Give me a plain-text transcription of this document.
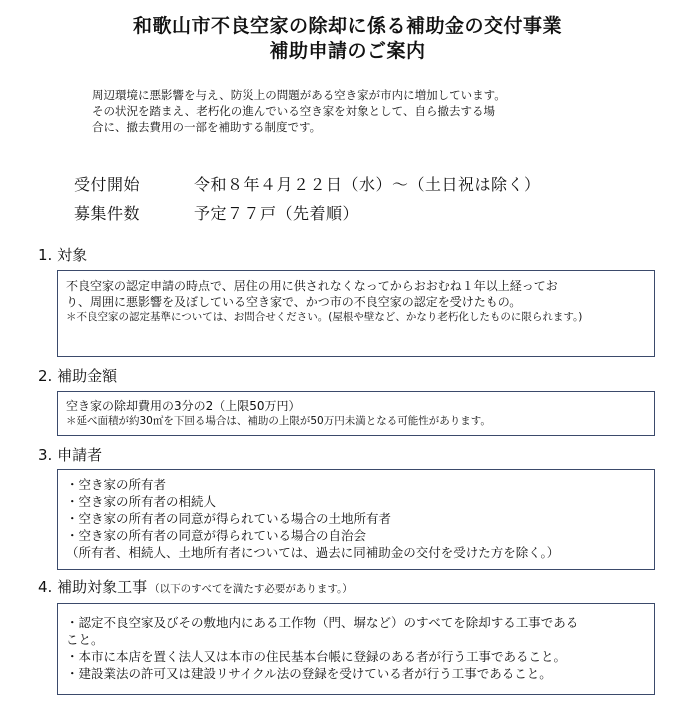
和歌山市不良空家の除却に係る補助金の交付事業
補助申請のご案内
周辺環境に悪影響を与え、防災上の問題がある空き家が市内に増加しています。
その状況を踏まえ、老朽化の進んでいる空き家を対象として、自ら撤去する場
合に、撤去費用の一部を補助する制度です。
受付開始	令和８年４月２２日（水）～（土日祝は除く）
募集件数	予定７７戸（先着順）
1. 対象

不良空家の認定申請の時点で、居住の用に供されなくなってからおおむね１年以上経ってお

り、周囲に悪影響を及ぼしている空き家で、かつ市の不良空家の認定を受けたもの。

＊不良空家の認定基準については、お問合せください。(屋根や壁など、かなり老朽化したものに限られます。)

2. 補助金額

空き家の除却費用の3分の2（上限50万円）

＊延べ面積が約30㎡を下回る場合は、補助の上限が50万円未満となる可能性があります。

3. 申請者

・空き家の所有者

・空き家の所有者の相続人

・空き家の所有者の同意が得られている場合の土地所有者

・空き家の所有者の同意が得られている場合の自治会

（所有者、相続人、土地所有者については、過去に同補助金の交付を受けた方を除く。）

4. 補助対象工事 （以下のすべてを満たす必要があります。）

・認定不良空家及びその敷地内にある工作物（門、塀など）のすべてを除却する工事である

こと。

・本市に本店を置く法人又は本市の住民基本台帳に登録のある者が行う工事であること。

・建設業法の許可又は建設リサイクル法の登録を受けている者が行う工事であること。
